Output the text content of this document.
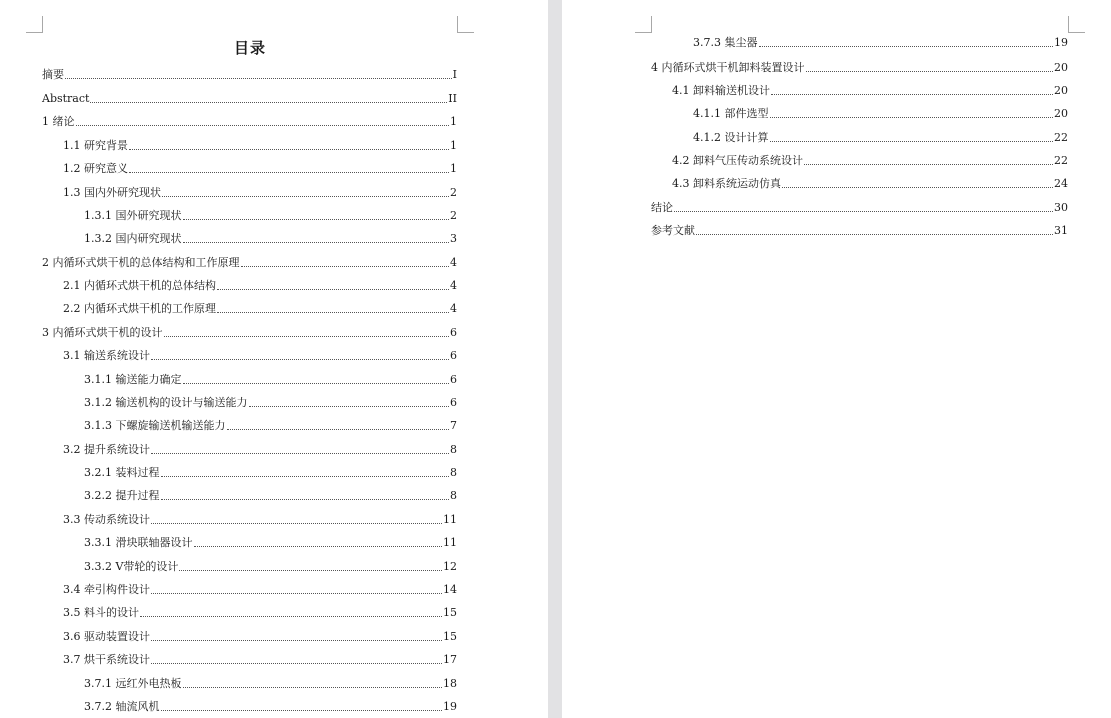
目录
摘要	I
Abstract	II
1 绪论	1
1.1 研究背景	1
1.2 研究意义	1
1.3 国内外研究现状	2
1.3.1 国外研究现状	2
1.3.2 国内研究现状	3
2 内循环式烘干机的总体结构和工作原理	4
2.1 内循环式烘干机的总体结构	4
2.2 内循环式烘干机的工作原理	4
3 内循环式烘干机的设计	6
3.1 输送系统设计	6
3.1.1 输送能力确定	6
3.1.2 输送机构的设计与输送能力	6
3.1.3 下螺旋输送机输送能力	7
3.2 提升系统设计	8
3.2.1 装料过程	8
3.2.2 提升过程	8
3.3 传动系统设计	11
3.3.1 滑块联轴器设计	11
3.3.2 V带轮的设计	12
3.4 牵引构件设计	14
3.5 料斗的设计	15
3.6 驱动装置设计	15
3.7 烘干系统设计	17
3.7.1 远红外电热板	18
3.7.2 轴流风机	19
3.7.3 集尘器	19
4 内循环式烘干机卸料装置设计	20
4.1 卸料输送机设计	20
4.1.1 部件选型	20
4.1.2 设计计算	22
4.2 卸料气压传动系统设计	22
4.3 卸料系统运动仿真	24
结论	30
参考文献	31
